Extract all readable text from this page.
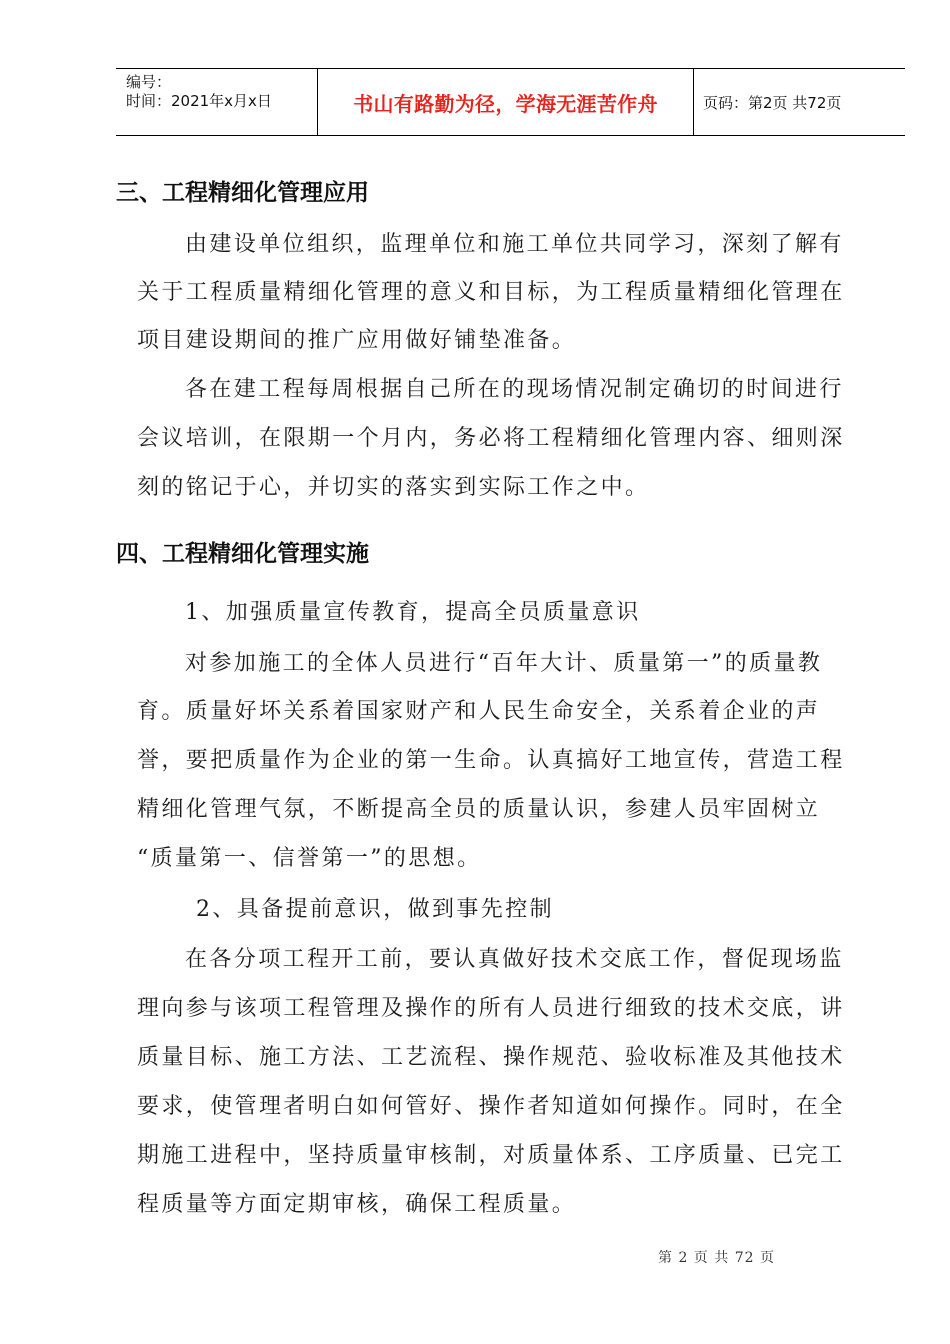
编号：
时间：2021年x月x日	书山有路勤为径，学海无涯苦作舟	页码：第2页 共72页
三、工程精细化管理应用
由建设单位组织，监理单位和施工单位共同学习，深刻了解有
关于工程质量精细化管理的意义和目标，为工程质量精细化管理在
项目建设期间的推广应用做好铺垫准备。
各在建工程每周根据自己所在的现场情况制定确切的时间进行
会议培训，在限期一个月内，务必将工程精细化管理内容、细则深
刻的铭记于心，并切实的落实到实际工作之中。
四、工程精细化管理实施
1、加强质量宣传教育，提高全员质量意识
对参加施工的全体人员进行“百年大计、质量第一”的质量教
育。质量好坏关系着国家财产和人民生命安全，关系着企业的声
誉，要把质量作为企业的第一生命。认真搞好工地宣传，营造工程
精细化管理气氛，不断提高全员的质量认识，参建人员牢固树立
“质量第一、信誉第一”的思想。
2、具备提前意识，做到事先控制
在各分项工程开工前，要认真做好技术交底工作，督促现场监
理向参与该项工程管理及操作的所有人员进行细致的技术交底，讲
质量目标、施工方法、工艺流程、操作规范、验收标准及其他技术
要求，使管理者明白如何管好、操作者知道如何操作。同时，在全
期施工进程中，坚持质量审核制，对质量体系、工序质量、已完工
程质量等方面定期审核，确保工程质量。
第 2 页 共 72 页
